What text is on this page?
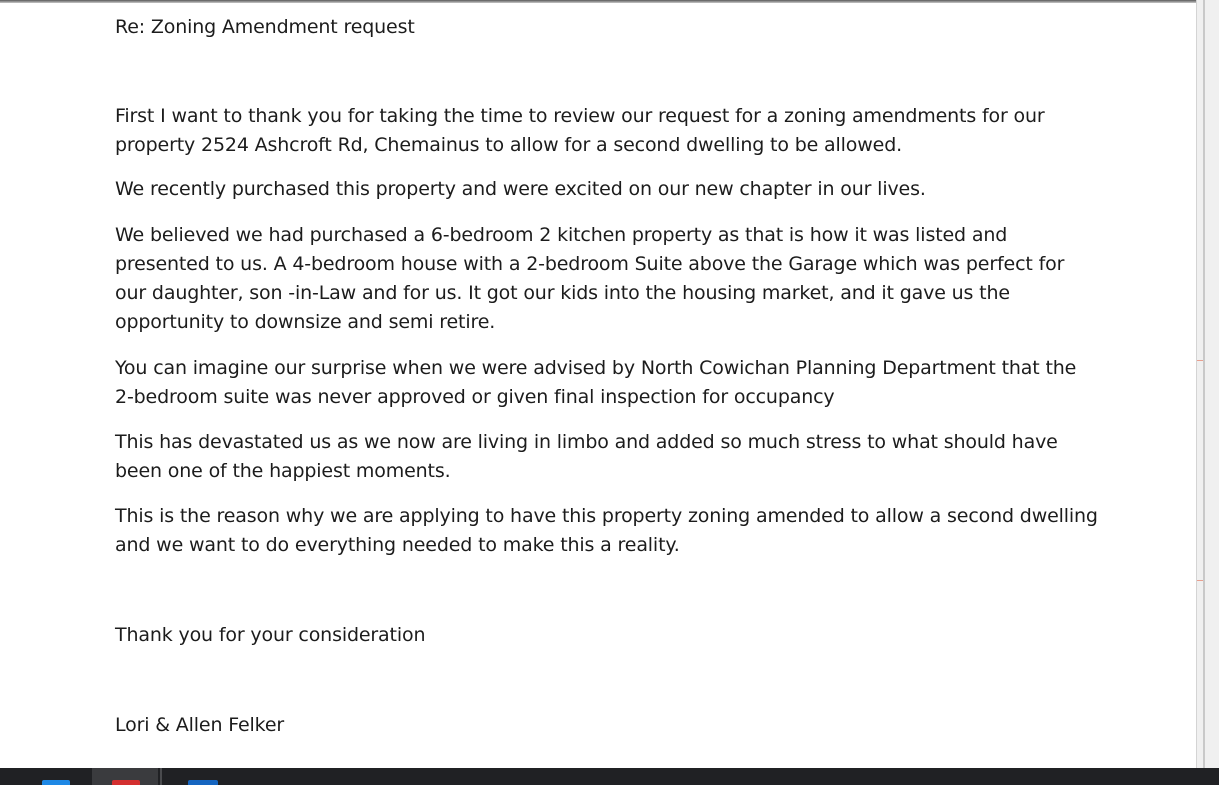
Re: Zoning Amendment request
First I want to thank you for taking the time to review our request for a zoning amendments for our
property 2524 Ashcroft Rd, Chemainus to allow for a second dwelling to be allowed.
We recently purchased this property and were excited on our new chapter in our lives.
We believed we had purchased a 6-bedroom 2 kitchen property as that is how it was listed and
presented to us. A 4-bedroom house with a 2-bedroom Suite above the Garage which was perfect for
our daughter, son -in-Law and for us. It got our kids into the housing market, and it gave us the
opportunity to downsize and semi retire.
You can imagine our surprise when we were advised by North Cowichan Planning Department that the
2-bedroom suite was never approved or given final inspection for occupancy
This has devastated us as we now are living in limbo and added so much stress to what should have
been one of the happiest moments.
This is the reason why we are applying to have this property zoning amended to allow a second dwelling
and we want to do everything needed to make this a reality.
Thank you for your consideration
Lori & Allen Felker
